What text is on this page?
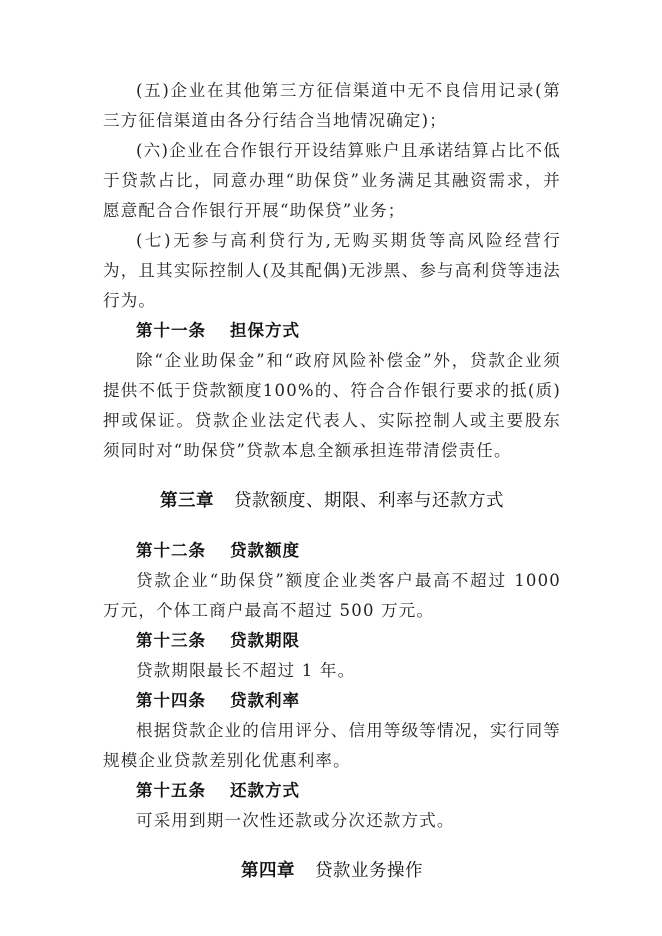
(五)企业在其他第三方征信渠道中无不良信用记录(第三方征信渠道由各分行结合当地情况确定)；

(六)企业在合作银行开设结算账户且承诺结算占比不低于贷款占比，同意办理“助保贷”业务满足其融资需求，并愿意配合合作银行开展“助保贷”业务；

(七)无参与高利贷行为,无购买期货等高风险经营行为，且其实际控制人(及其配偶)无涉黑、参与高利贷等违法行为。

第十一条 担保方式

除“企业助保金”和“政府风险补偿金”外，贷款企业须提供不低于贷款额度100%的、符合合作银行要求的抵(质)押或保证。贷款企业法定代表人、实际控制人或主要股东须同时对“助保贷”贷款本息全额承担连带清偿责任。

第三章 贷款额度、期限、利率与还款方式

第十二条 贷款额度

贷款企业“助保贷”额度企业类客户最高不超过 1000 万元，个体工商户最高不超过 500 万元。

第十三条 贷款期限

贷款期限最长不超过 1 年。

第十四条 贷款利率

根据贷款企业的信用评分、信用等级等情况，实行同等规模企业贷款差别化优惠利率。

第十五条 还款方式

可采用到期一次性还款或分次还款方式。

第四章 贷款业务操作
